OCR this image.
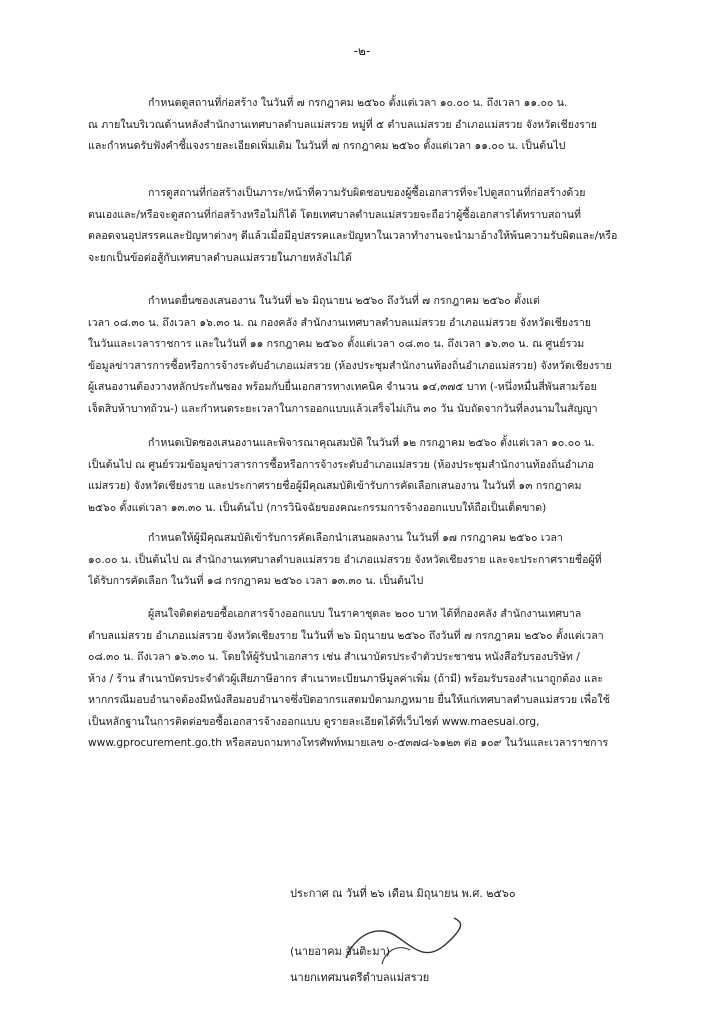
-๒-
กำหนดดูสถานที่ก่อสร้าง ในวันที่ ๗ กรกฎาคม ๒๕๖๐ ตั้งแต่เวลา ๑๐.๐๐ น. ถึงเวลา ๑๑.๐๐ น.
ณ ภายในบริเวณด้านหลังสำนักงานเทศบาลตำบลแม่สรวย หมู่ที่ ๕ ตำบลแม่สรวย อำเภอแม่สรวย จังหวัดเชียงราย
และกำหนดรับฟังคำชี้แจงรายละเอียดเพิ่มเติม ในวันที่ ๗ กรกฎาคม ๒๕๖๐ ตั้งแต่เวลา ๑๑.๐๐ น. เป็นต้นไป
การดูสถานที่ก่อสร้างเป็นภาระ/หน้าที่ความรับผิดชอบของผู้ซื้อเอกสารที่จะไปดูสถานที่ก่อสร้างด้วย
ตนเองและ/หรือจะดูสถานที่ก่อสร้างหรือไม่ก็ได้ โดยเทศบาลตำบลแม่สรวยจะถือว่าผู้ซื้อเอกสารได้ทราบสถานที่
ตลอดจนอุปสรรคและปัญหาต่างๆ ดีแล้วเมื่อมีอุปสรรคและปัญหาในเวลาทำงานจะนำมาอ้างให้พ้นความรับผิดและ/หรือ
จะยกเป็นข้อต่อสู้กับเทศบาลตำบลแม่สรวยในภายหลังไม่ได้
กำหนดยื่นซองเสนองาน ในวันที่ ๒๖ มิถุนายน ๒๕๖๐ ถึงวันที่ ๗ กรกฎาคม ๒๕๖๐ ตั้งแต่
เวลา ๐๘.๓๐ น. ถึงเวลา ๑๖.๓๐ น. ณ กองคลัง สำนักงานเทศบาลตำบลแม่สรวย อำเภอแม่สรวย จังหวัดเชียงราย
ในวันและเวลาราชการ และในวันที่ ๑๑ กรกฎาคม ๒๕๖๐ ตั้งแต่เวลา ๐๘.๓๐ น. ถึงเวลา ๑๖.๓๐ น. ณ ศูนย์รวม
ข้อมูลข่าวสารการซื้อหรือการจ้างระดับอำเภอแม่สรวย (ห้องประชุมสำนักงานท้องถิ่นอำเภอแม่สรวย) จังหวัดเชียงราย
ผู้เสนองานต้องวางหลักประกันซอง พร้อมกับยื่นเอกสารทางเทคนิค จำนวน ๑๔,๓๗๕ บาท (-หนึ่งหมื่นสี่พันสามร้อย
เจ็ดสิบห้าบาทถ้วน-) และกำหนดระยะเวลาในการออกแบบแล้วเสร็จไม่เกิน ๓๐ วัน นับถัดจากวันที่ลงนามในสัญญา
กำหนดเปิดซองเสนองานและพิจารณาคุณสมบัติ ในวันที่ ๑๒ กรกฎาคม ๒๕๖๐ ตั้งแต่เวลา ๑๐.๐๐ น.
เป็นต้นไป ณ ศูนย์รวมข้อมูลข่าวสารการซื้อหรือการจ้างระดับอำเภอแม่สรวย (ห้องประชุมสำนักงานท้องถิ่นอำเภอ
แม่สรวย) จังหวัดเชียงราย และประกาศรายชื่อผู้มีคุณสมบัติเข้ารับการคัดเลือกเสนองาน ในวันที่ ๑๓ กรกฎาคม
๒๕๖๐ ตั้งแต่เวลา ๑๓.๓๐ น. เป็นต้นไป (การวินิจฉัยของคณะกรรมการจ้างออกแบบให้ถือเป็นเด็ดขาด)
กำหนดให้ผู้มีคุณสมบัติเข้ารับการคัดเลือกนำเสนอผลงาน ในวันที่ ๑๗ กรกฎาคม ๒๕๖๐ เวลา
๑๐.๐๐ น. เป็นต้นไป ณ สำนักงานเทศบาลตำบลแม่สรวย อำเภอแม่สรวย จังหวัดเชียงราย และจะประกาศรายชื่อผู้ที่
ได้รับการคัดเลือก ในวันที่ ๑๘ กรกฎาคม ๒๕๖๐ เวลา ๑๓.๓๐ น. เป็นต้นไป
ผู้สนใจติดต่อขอซื้อเอกสารจ้างออกแบบ ในราคาชุดละ ๒๐๐ บาท ได้ที่กองคลัง สำนักงานเทศบาล
ตำบลแม่สรวย อำเภอแม่สรวย จังหวัดเชียงราย ในวันที่ ๒๖ มิถุนายน ๒๕๖๐ ถึงวันที่ ๗ กรกฎาคม ๒๕๖๐ ตั้งแต่เวลา
๐๘.๓๐ น. ถึงเวลา ๑๖.๓๐ น. โดยให้ผู้รับนำเอกสาร เช่น สำเนาบัตรประจำตัวประชาชน หนังสือรับรองบริษัท /
ห้าง / ร้าน สำเนาบัตรประจำตัวผู้เสียภาษีอากร สำเนาทะเบียนภาษีมูลค่าเพิ่ม (ถ้ามี) พร้อมรับรองสำเนาถูกต้อง และ
หากกรณีมอบอำนาจต้องมีหนังสือมอบอำนาจซึ่งปิดอากรแสตมป์ตามกฎหมาย ยื่นให้แก่เทศบาลตำบลแม่สรวย เพื่อใช้
เป็นหลักฐานในการติดต่อขอซื้อเอกสารจ้างออกแบบ ดูรายละเอียดได้ที่เว็บไซต์ www.maesuai.org,
www.gprocurement.go.th หรือสอบถามทางโทรศัพท์หมายเลข ๐-๕๓๗๘-๖๑๒๓ ต่อ ๑๐๙ ในวันและเวลาราชการ
ประกาศ ณ วันที่ ๒๖ เดือน มิถุนายน พ.ศ. ๒๕๖๐
(นายอาคม จันติะมา)
นายกเทศมนตรีตำบลแม่สรวย
